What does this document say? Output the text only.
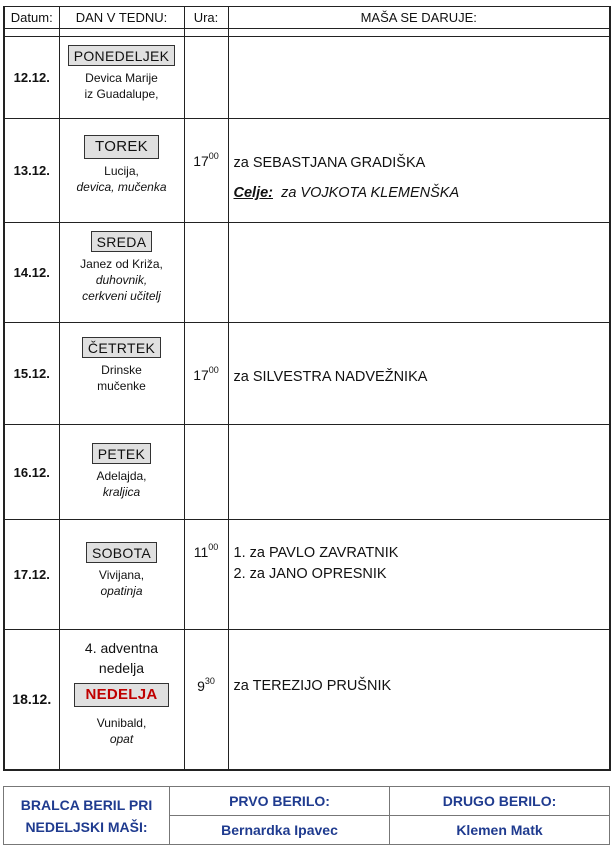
Datum:	DAN V TEDNU:	Ura:	MAŠA SE DARUJE:

12.12.	PONEDELJEK
Devica Marije
iz Guadalupe,		

13.12.	TOREK
Lucija,
devica, mučenka	$17^{00}$	za SEBASTJANA GRADIŠKA
Celje: za VOJKOTA KLEMENŠKA

14.12.	SREDA
Janez od Križa,
duhovnik,
cerkveni učitelj		

15.12.	ČETRTEK
Drinske
mučenke	$17^{00}$	za SILVESTRA NADVEŽNIKA

16.12.	PETEK
Adelajda,
kraljica		

17.12.	SOBOTA
Vivijana,
opatinja	$11^{00}$	1. za PAVLO ZAVRATNIK
2. za JANO OPRESNIK

18.12.	4. adventna
nedelja
NEDELJA
Vunibald,
opat	$9^{30}$	za TEREZIJO PRUŠNIK
BRALCA BERIL PRI NEDELJSKI MAŠI:	PRVO BERILO:	DRUGO BERILO:
	Bernardka Ipavec	Klemen Matk
